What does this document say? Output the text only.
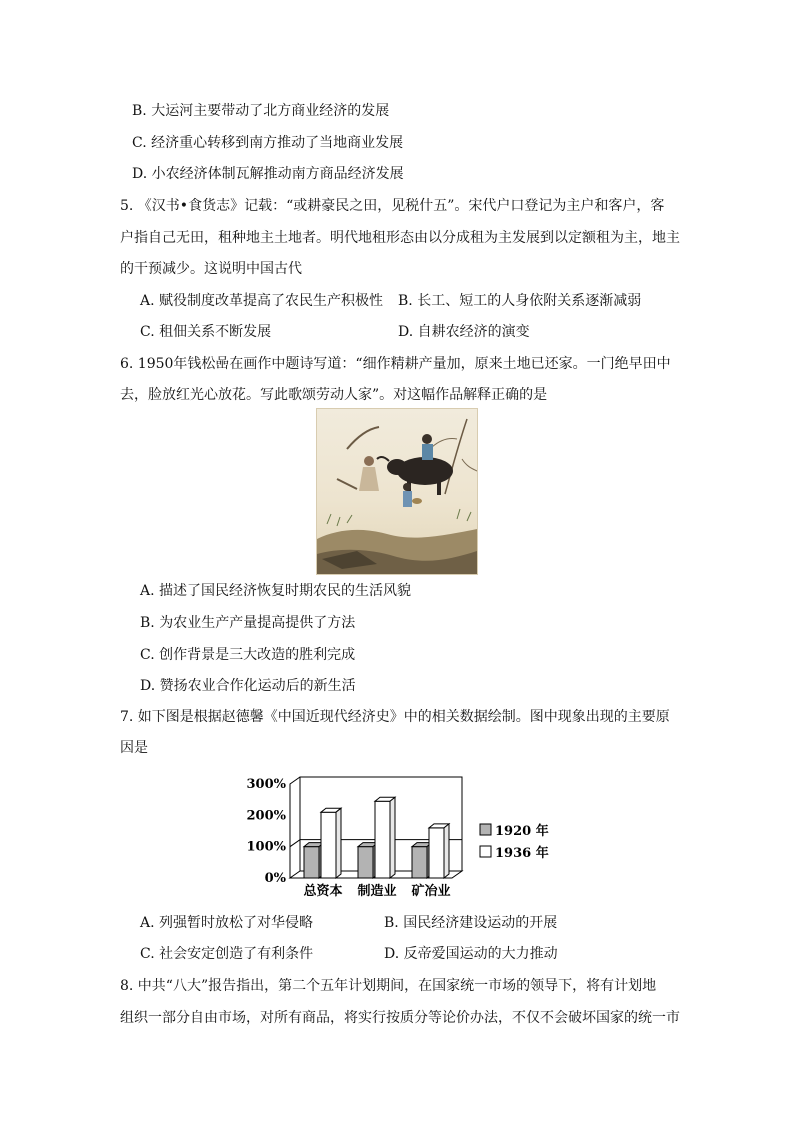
B. 大运河主要带动了北方商业经济的发展
C. 经济重心转移到南方推动了当地商业发展
D. 小农经济体制瓦解推动南方商品经济发展
5. 《汉书•食货志》记载：“或耕豪民之田，见税什五”。宋代户口登记为主户和客户，客
户指自己无田，租种地主土地者。明代地租形态由以分成租为主发展到以定额租为主，地主
的干预减少。这说明中国古代
A. 赋役制度改革提高了农民生产积极性 B. 长工、短工的人身依附关系逐渐减弱
C. 租佃关系不断发展	D. 自耕农经济的演变
6. 1950年钱松喦在画作中题诗写道：“细作精耕产量加，原来土地已还家。一门绝早田中
去，脸放红光心放花。写此歌颂劳动人家”。对这幅作品解释正确的是
A. 描述了国民经济恢复时期农民的生活风貌
B. 为农业生产产量提高提供了方法
C. 创作背景是三大改造的胜利完成
D. 赞扬农业合作化运动后的新生活
7. 如下图是根据赵德馨《中国近现代经济史》中的相关数据绘制。图中现象出现的主要原
因是
0%
100%
200%
300%
总资本 制造业 矿冶业
1920 年
1936 年
A. 列强暂时放松了对华侵略	B. 国民经济建设运动的开展
C. 社会安定创造了有利条件	D. 反帝爱国运动的大力推动
8. 中共“八大”报告指出，第二个五年计划期间，在国家统一市场的领导下，将有计划地
组织一部分自由市场，对所有商品，将实行按质分等论价办法，不仅不会破坏国家的统一市
